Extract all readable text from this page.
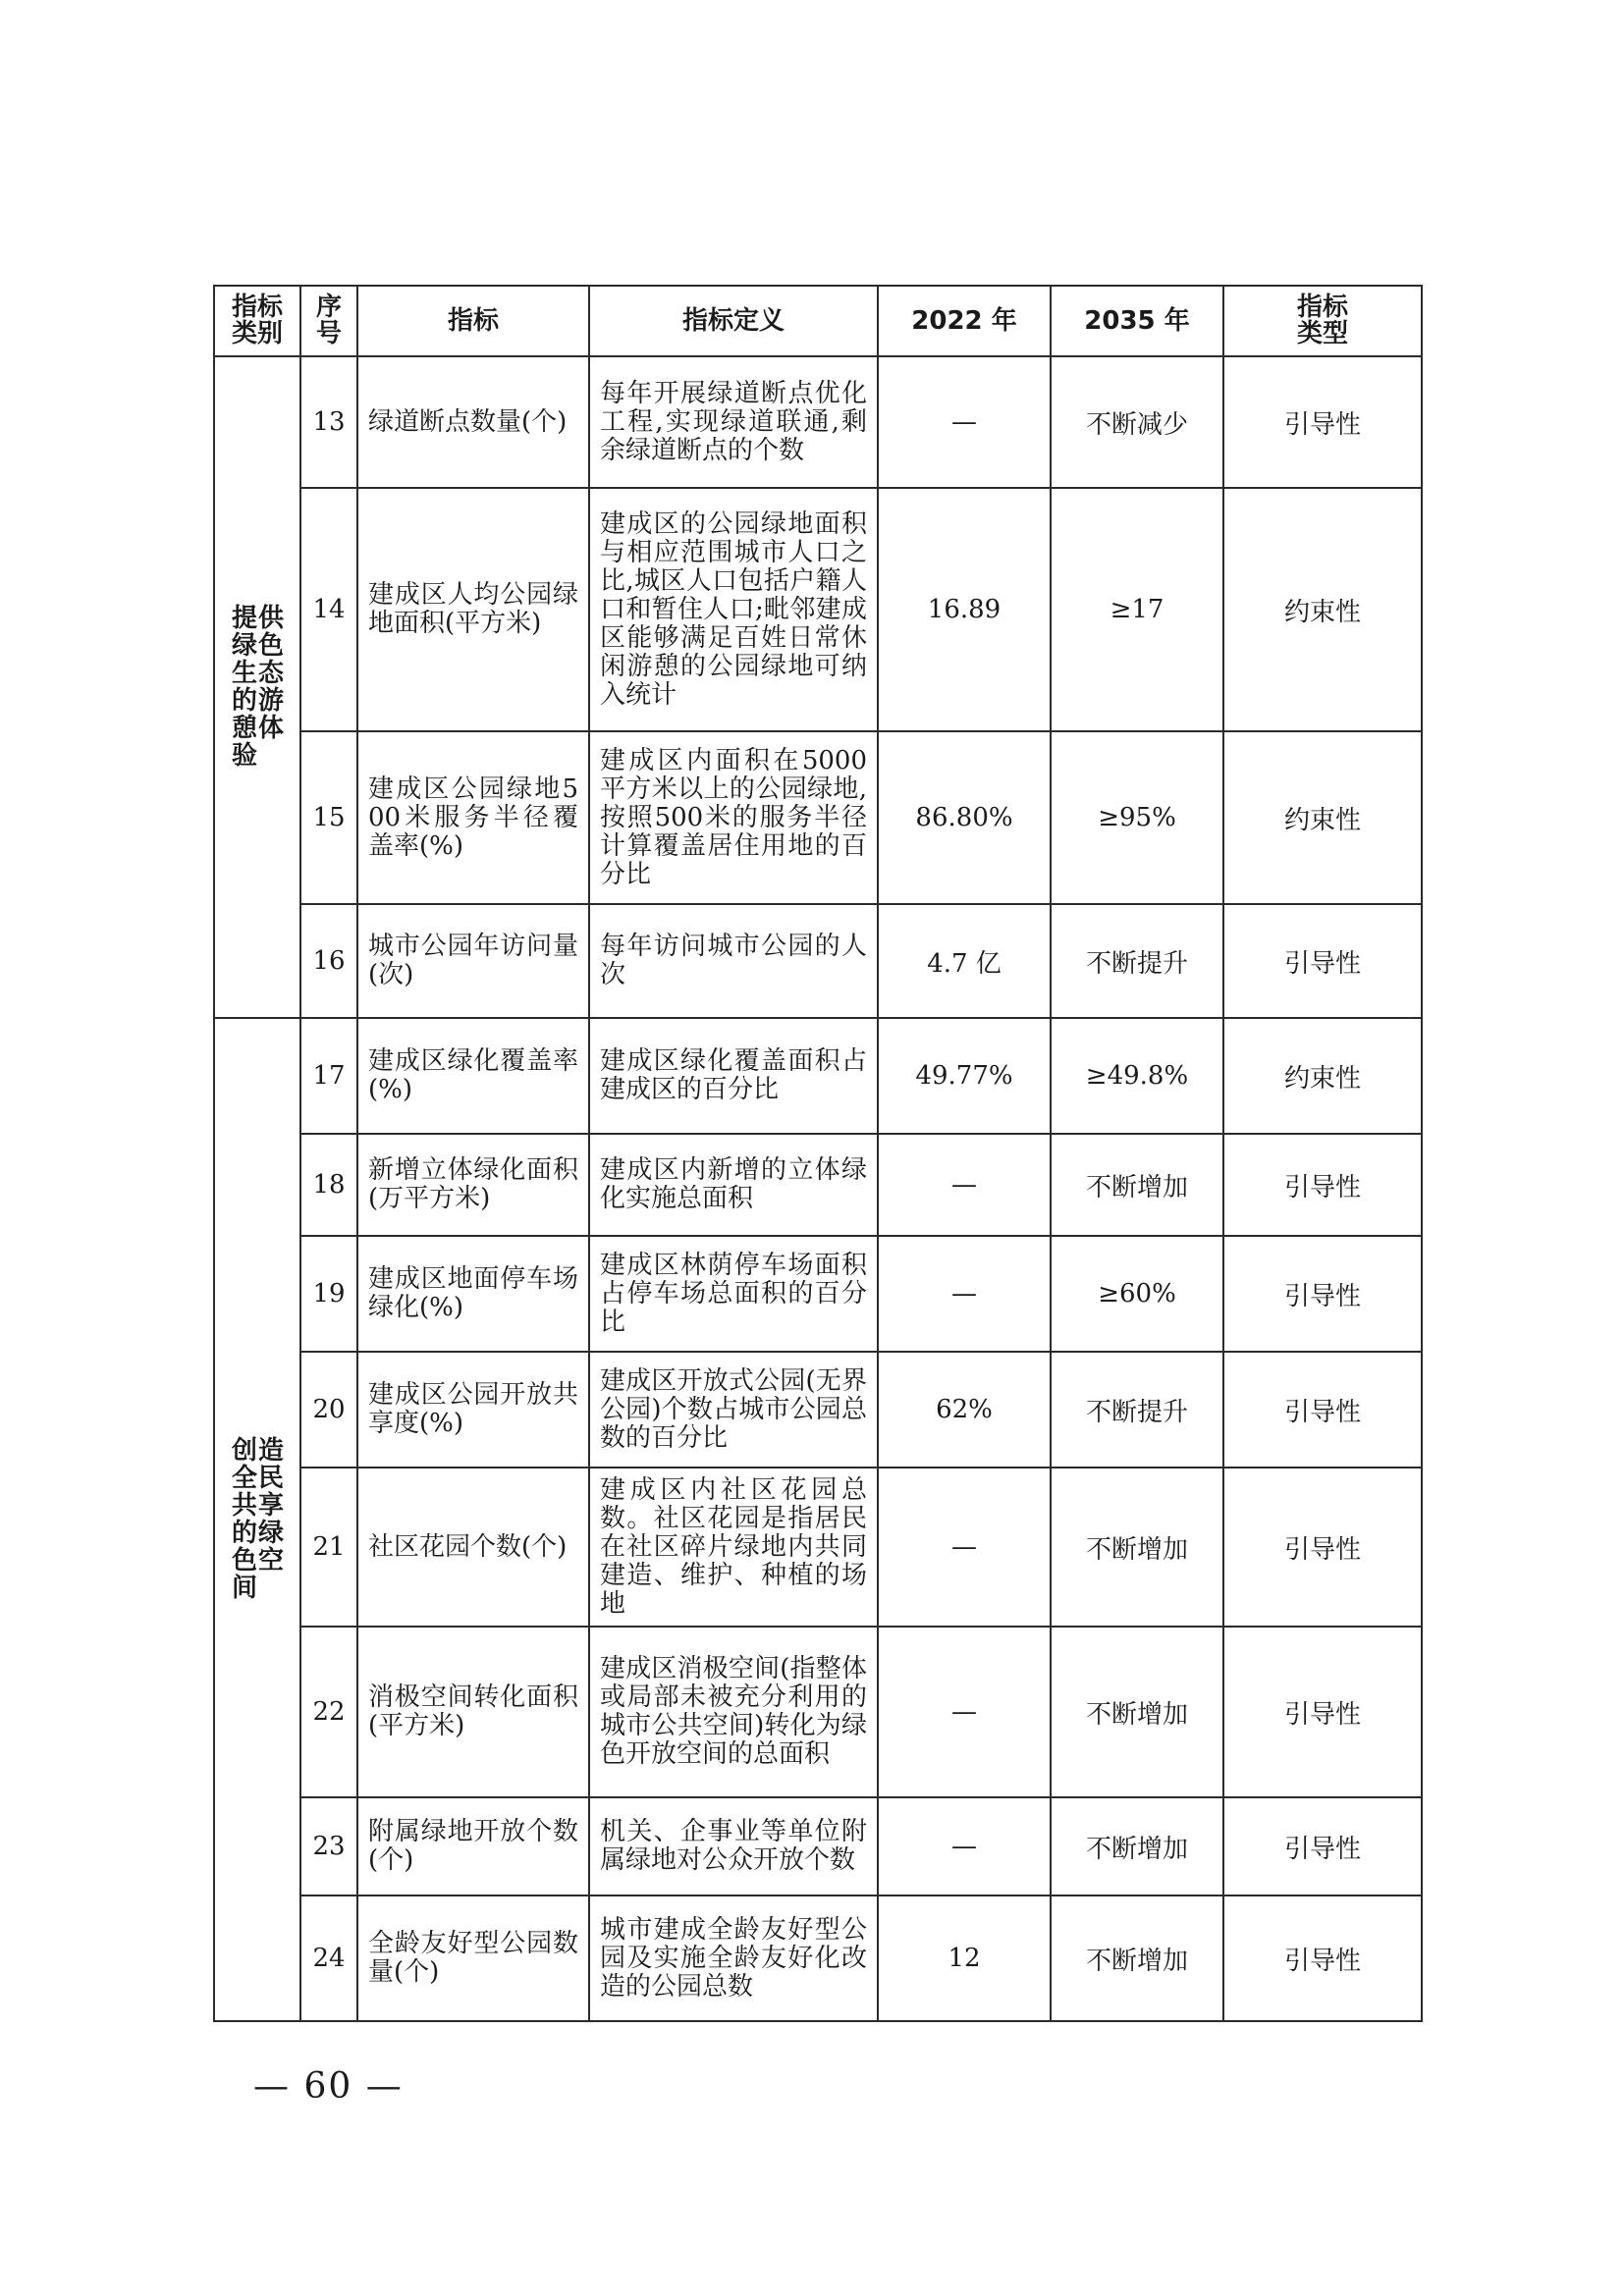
指标类别	序号	指标	指标定义	2022 年	2035 年	指标类型

提供绿色生态的游憩体验	13	绿道断点数量(个)	每年开展绿道断点优化工程,实现绿道联通,剩余绿道断点的个数	—	不断减少	引导性
	14	建成区人均公园绿地面积(平方米)	建成区的公园绿地面积与相应范围城市人口之比,城区人口包括户籍人口和暂住人口;毗邻建成区能够满足百姓日常休闲游憩的公园绿地可纳入统计	16.89	≥17	约束性
	15	建成区公园绿地500米服务半径覆盖率(%)	建成区内面积在5000平方米以上的公园绿地,按照500米的服务半径计算覆盖居住用地的百分比	86.80%	≥95%	约束性
	16	城市公园年访问量(次)	每年访问城市公园的人次	4.7 亿	不断提升	引导性

创造全民共享的绿色空间	17	建成区绿化覆盖率(%)	建成区绿化覆盖面积占建成区的百分比	49.77%	≥49.8%	约束性
	18	新增立体绿化面积(万平方米)	建成区内新增的立体绿化实施总面积	—	不断增加	引导性
	19	建成区地面停车场绿化(%)	建成区林荫停车场面积占停车场总面积的百分比	—	≥60%	引导性
	20	建成区公园开放共享度(%)	建成区开放式公园(无界公园)个数占城市公园总数的百分比	62%	不断提升	引导性
	21	社区花园个数(个)	建成区内社区花园总数。社区花园是指居民在社区碎片绿地内共同建造、维护、种植的场地	—	不断增加	引导性
	22	消极空间转化面积(平方米)	建成区消极空间(指整体或局部未被充分利用的城市公共空间)转化为绿色开放空间的总面积	—	不断增加	引导性
	23	附属绿地开放个数(个)	机关、企事业等单位附属绿地对公众开放个数	—	不断增加	引导性
	24	全龄友好型公园数量(个)	城市建成全龄友好型公园及实施全龄友好化改造的公园总数	12	不断增加	引导性
— 60 —
